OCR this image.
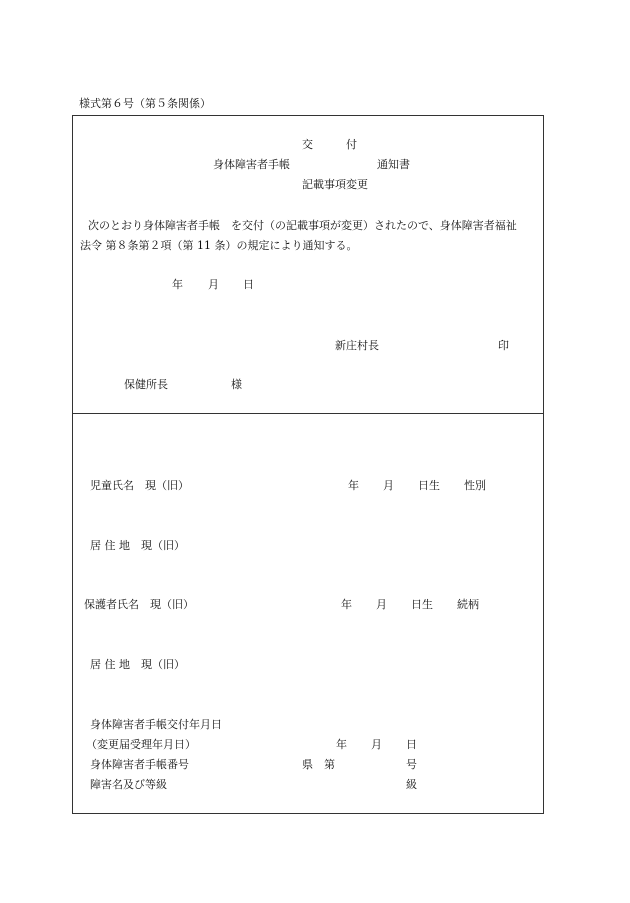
様式第６号（第５条関係）
交　　　付
身体障害者手帳	通知書
記載事項変更
次のとおり身体障害者手帳　を交付（の記載事項が変更）されたので、身体障害者福祉
法令 第８条第２項（第 11 条）の規定により通知する。
年 月 日
新庄村長	印
保健所長	様
児童氏名　現（旧）	年 月 日生 性別
居 住 地　現（旧）
保護者氏名　現（旧）	年 月 日生 続柄
居 住 地　現（旧）
身体障害者手帳交付年月日
（変更届受理年月日）	年 月 日
身体障害者手帳番号	県　第	号
障害名及び等級	級
